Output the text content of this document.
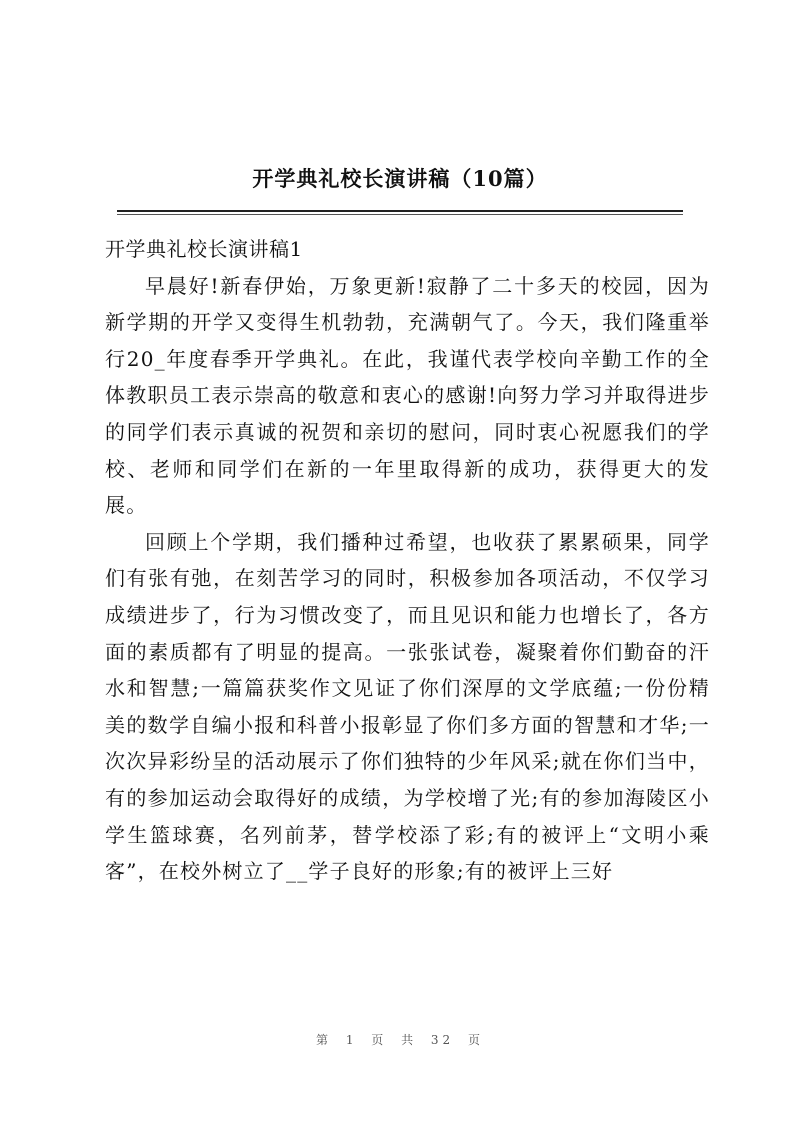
开学典礼校长演讲稿（10篇）
开学典礼校长演讲稿1

早晨好!新春伊始，万象更新!寂静了二十多天的校园，因为新学期的开学又变得生机勃勃，充满朝气了。今天，我们隆重举行20_年度春季开学典礼。在此，我谨代表学校向辛勤工作的全体教职员工表示崇高的敬意和衷心的感谢!向努力学习并取得进步的同学们表示真诚的祝贺和亲切的慰问，同时衷心祝愿我们的学校、老师和同学们在新的一年里取得新的成功，获得更大的发展。

回顾上个学期，我们播种过希望，也收获了累累硕果，同学们有张有弛，在刻苦学习的同时，积极参加各项活动，不仅学习成绩进步了，行为习惯改变了，而且见识和能力也增长了，各方面的素质都有了明显的提高。一张张试卷，凝聚着你们勤奋的汗水和智慧;一篇篇获奖作文见证了你们深厚的文学底蕴;一份份精美的数学自编小报和科普小报彰显了你们多方面的智慧和才华;一次次异彩纷呈的活动展示了你们独特的少年风采;就在你们当中，有的参加运动会取得好的成绩，为学校增了光;有的参加海陵区小学生篮球赛，名列前茅，替学校添了彩;有的被评上“文明小乘客”，在校外树立了__学子良好的形象;有的被评上三好

第 1 页 共 32 页
